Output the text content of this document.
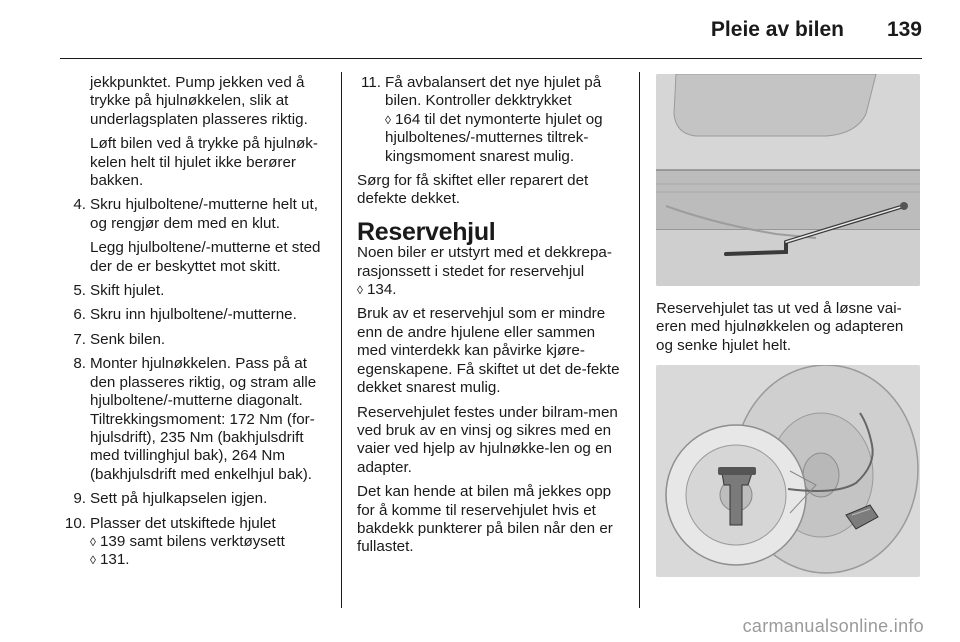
Pleie av bilen 139

jekkpunktet. Pump jekken ved å trykke på hjulnøkkelen, slik at underlagsplaten plasseres riktig.

Løft bilen ved å trykke på hjulnøk-kelen helt til hjulet ikke berører bakken.

4. Skru hjulboltene/-mutterne helt ut, og rengjør dem med en klut.

Legg hjulboltene/-mutterne et sted der de er beskyttet mot skitt.

5. Skift hjulet.
6. Skru inn hjulboltene/-mutterne.
7. Senk bilen.
8. Monter hjulnøkkelen. Pass på at den plasseres riktig, og stram alle hjulboltene/-mutterne diagonalt. Tiltrekkingsmoment: 172 Nm (for-hjulsdrift), 235 Nm (bakhjulsdrift med tvillinghjul bak), 264 Nm (bakhjulsdrift med enkelhjul bak).
9. Sett på hjulkapselen igjen.
10. Plasser det utskiftede hjulet
◊ 139 samt bilens verktøysett
◊ 131.
11. Få avbalansert det nye hjulet på bilen. Kontroller dekktrykket
◊ 164 til det nymonterte hjulet og hjulboltenes/-mutternes tiltrek-kingsmoment snarest mulig.

Sørg for få skiftet eller reparert det defekte dekket.

Reservehjul

Noen biler er utstyrt med et dekkrepa-rasjonssett i stedet for reservehjul
◊ 134.

Bruk av et reservehjul som er mindre enn de andre hjulene eller sammen med vinterdekk kan påvirke kjøre-egenskapene. Få skiftet ut det de-fekte dekket snarest mulig.

Reservehjulet festes under bilram-men ved bruk av en vinsj og sikres med en vaier ved hjelp av hjulnøkke-len og en adapter.

Det kan hende at bilen må jekkes opp for å komme til reservehjulet hvis et bakdekk punkterer på bilen når den er fullastet.

Reservehjulet tas ut ved å løsne vai-eren med hjulnøkkelen og adapteren og senke hjulet helt.

carmanualsonline.info
